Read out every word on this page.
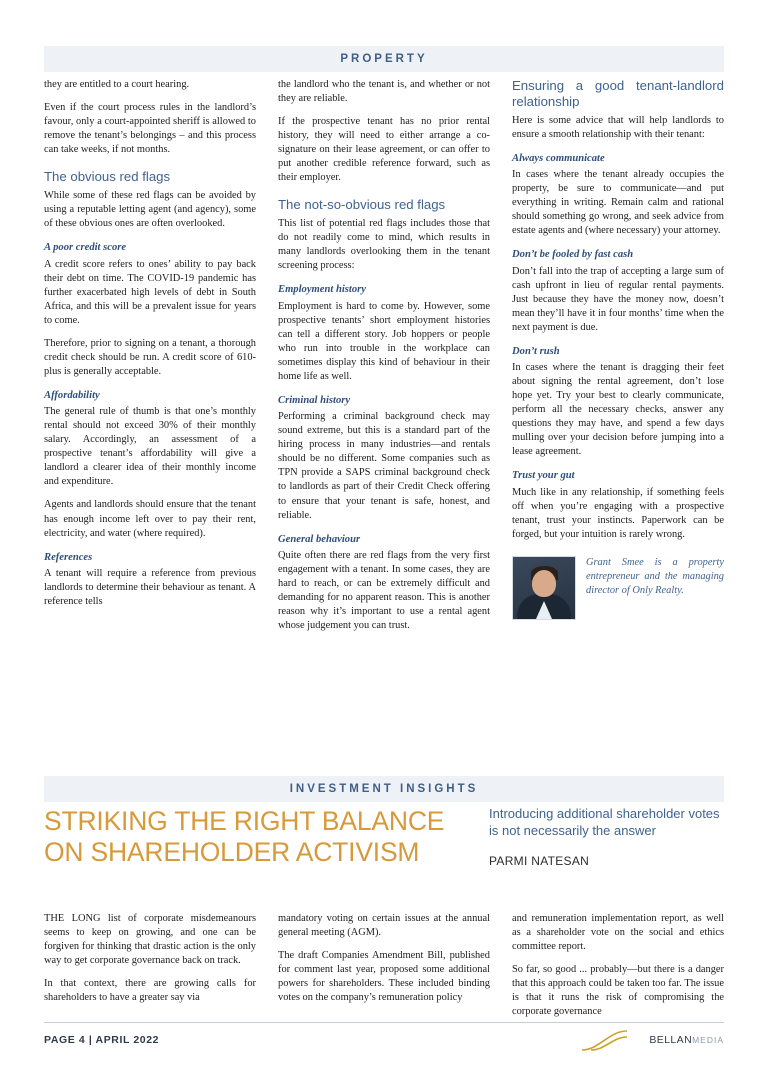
PROPERTY

they are entitled to a court hearing.

Even if the court process rules in the landlord’s favour, only a court-appointed sheriff is allowed to remove the tenant’s belongings – and this process can take weeks, if not months.

The obvious red flags

While some of these red flags can be avoided by using a reputable letting agent (and agency), some of these obvious ones are often overlooked.

A poor credit score

A credit score refers to ones’ ability to pay back their debt on time. The COVID-19 pandemic has further exacerbated high levels of debt in South Africa, and this will be a prevalent issue for years to come.

Therefore, prior to signing on a tenant, a thorough credit check should be run. A credit score of 610-plus is generally acceptable.

Affordability

The general rule of thumb is that one’s monthly rental should not exceed 30% of their monthly salary. Accordingly, an assessment of a prospective tenant’s affordability will give a landlord a clearer idea of their monthly income and expenditure.

Agents and landlords should ensure that the tenant has enough income left over to pay their rent, electricity, and water (where required).

References

A tenant will require a reference from previous landlords to determine their behaviour as tenant. A reference tells

the landlord who the tenant is, and whether or not they are reliable.

If the prospective tenant has no prior rental history, they will need to either arrange a co-signature on their lease agreement, or can offer to put another credible reference forward, such as their employer.

The not-so-obvious red flags

This list of potential red flags includes those that do not readily come to mind, which results in many landlords overlooking them in the tenant screening process:

Employment history

Employment is hard to come by. However, some prospective tenants’ short employment histories can tell a different story. Job hoppers or people who run into trouble in the workplace can sometimes display this kind of behaviour in their home life as well.

Criminal history

Performing a criminal background check may sound extreme, but this is a standard part of the hiring process in many industries—and rentals should be no different. Some companies such as TPN provide a SAPS criminal background check to landlords as part of their Credit Check offering to ensure that your tenant is safe, honest, and reliable.

General behaviour

Quite often there are red flags from the very first engagement with a tenant. In some cases, they are hard to reach, or can be extremely difficult and demanding for no apparent reason. This is another reason why it’s important to use a rental agent whose judgement you can trust.

Ensuring a good tenant-landlord relationship

Here is some advice that will help landlords to ensure a smooth relationship with their tenant:

Always communicate

In cases where the tenant already occupies the property, be sure to communicate—and put everything in writing. Remain calm and rational should something go wrong, and seek advice from estate agents and (where necessary) your attorney.

Don’t be fooled by fast cash

Don’t fall into the trap of accepting a large sum of cash upfront in lieu of regular rental payments. Just because they have the money now, doesn’t mean they’ll have it in four months’ time when the next payment is due.

Don’t rush

In cases where the tenant is dragging their feet about signing the rental agreement, don’t lose hope yet. Try your best to clearly communicate, perform all the necessary checks, answer any questions they may have, and spend a few days mulling over your decision before jumping into a lease agreement.

Trust your gut

Much like in any relationship, if something feels off when you’re engaging with a prospective tenant, trust your instincts. Paperwork can be forged, but your intuition is rarely wrong.

Grant Smee is a property entrepreneur and the managing director of Only Realty.
INVESTMENT INSIGHTS
STRIKING THE RIGHT BALANCE
ON SHAREHOLDER ACTIVISM
Introducing additional shareholder votes is not necessarily the answer
PARMI NATESAN

THE LONG list of corporate misdemeanours seems to keep on growing, and one can be forgiven for thinking that drastic action is the only way to get corporate governance back on track.

In that context, there are growing calls for shareholders to have a greater say via

mandatory voting on certain issues at the annual general meeting (AGM).

The draft Companies Amendment Bill, published for comment last year, proposed some additional powers for shareholders. These included binding votes on the company’s remuneration policy

and remuneration implementation report, as well as a shareholder vote on the social and ethics committee report.

So far, so good ... probably—but there is a danger that this approach could be taken too far. The issue is that it runs the risk of compromising the corporate governance

PAGE 4 | APRIL 2022	BELLANMEDIA
